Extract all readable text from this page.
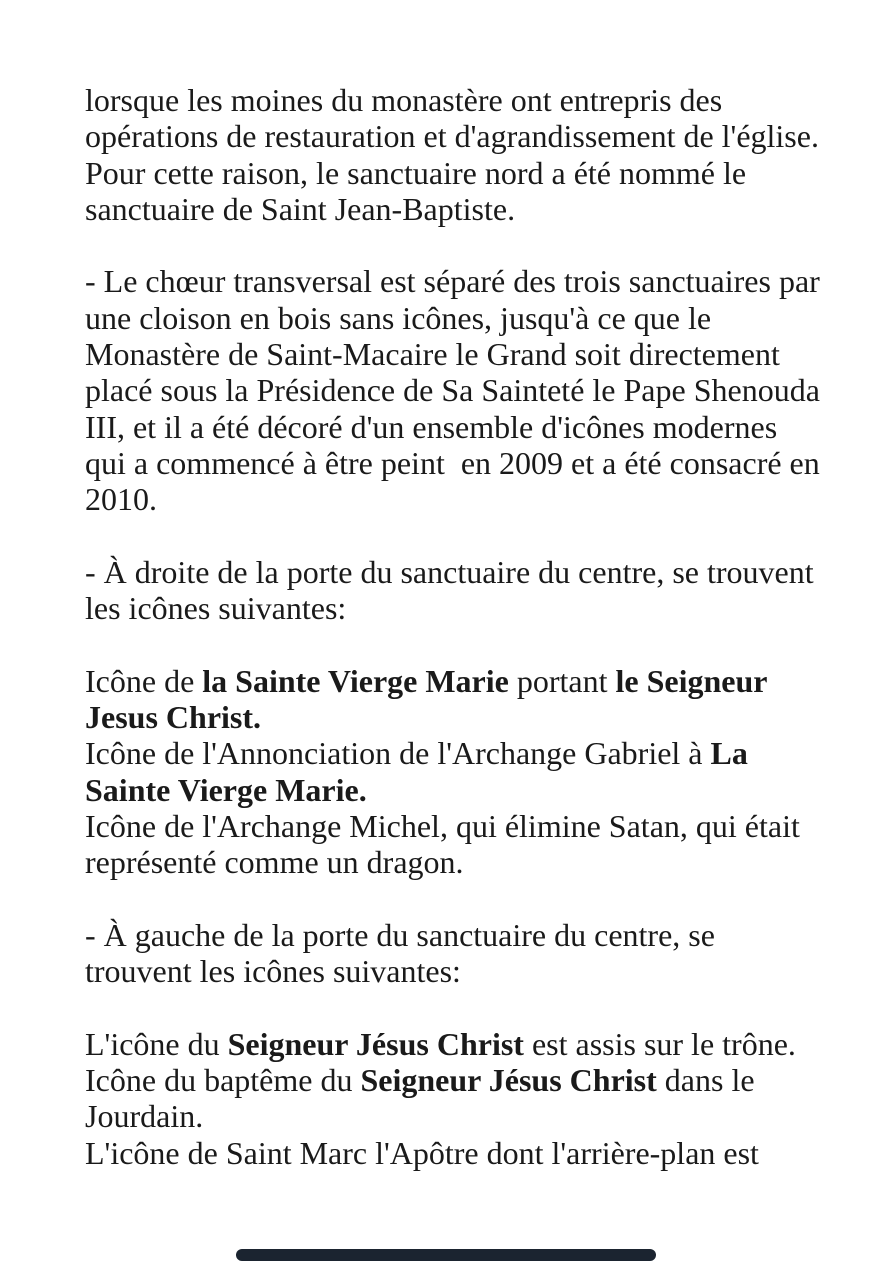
lorsque les moines du monastère ont entrepris des
opérations de restauration et d'agrandissement de l'église.
Pour cette raison, le sanctuaire nord a été nommé le
sanctuaire de Saint Jean-Baptiste.
- Le chœur transversal est séparé des trois sanctuaires par
une cloison en bois sans icônes, jusqu'à ce que le
Monastère de Saint-Macaire le Grand soit directement
placé sous la Présidence de Sa Sainteté le Pape Shenouda
III, et il a été décoré d'un ensemble d'icônes modernes
qui a commencé à être peint  en 2009 et a été consacré en
2010.
- À droite de la porte du sanctuaire du centre, se trouvent
les icônes suivantes:
Icône de la Sainte Vierge Marie portant le Seigneur
Jesus Christ.
Icône de l'Annonciation de l'Archange Gabriel à La
Sainte Vierge Marie.
Icône de l'Archange Michel, qui élimine Satan, qui était
représenté comme un dragon.
- À gauche de la porte du sanctuaire du centre, se
trouvent les icônes suivantes:
L'icône du Seigneur Jésus Christ est assis sur le trône.
Icône du baptême du Seigneur Jésus Christ dans le
Jourdain.
L'icône de Saint Marc l'Apôtre dont l'arrière-plan est
